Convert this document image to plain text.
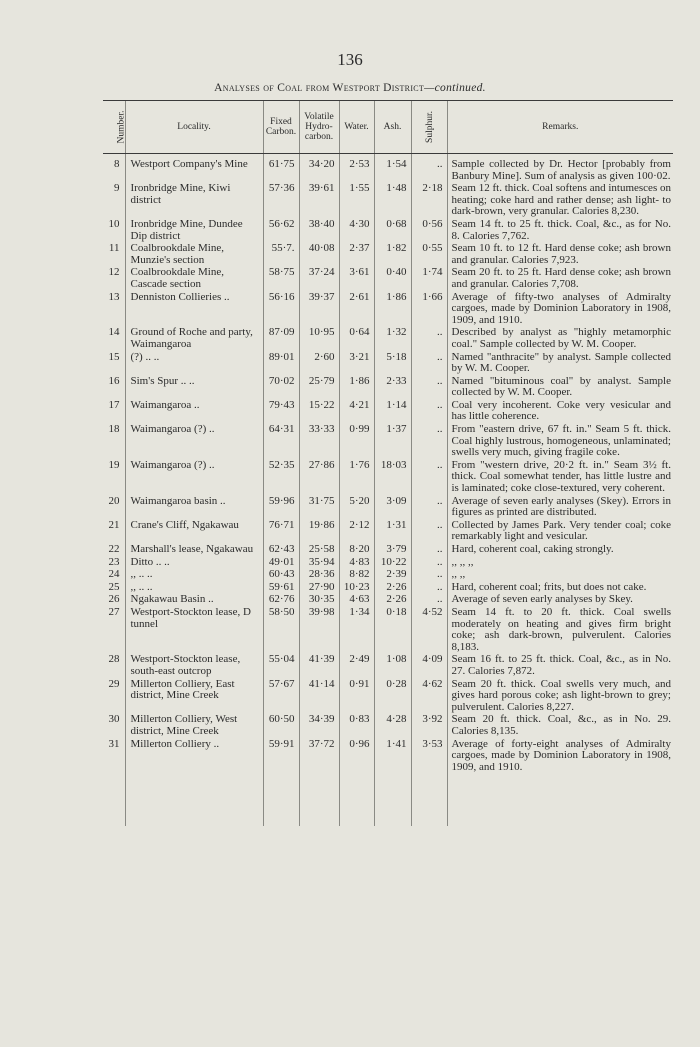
136
Analyses of Coal from Westport District—continued.
Number.	Locality.	Fixed Carbon.	Volatile Hydro-carbon.	Water.	Ash.	Sulphur.	Remarks.
8	Westport Company's Mine	61·75	34·20	2·53	1·54	..	Sample collected by Dr. Hector [probably from Banbury Mine]. Sum of analysis as given 100·02.
9	Ironbridge Mine, Kiwi district	57·36	39·61	1·55	1·48	2·18	Seam 12 ft. thick. Coal softens and intumesces on heating; coke hard and rather dense; ash light- to dark-brown, very granular. Calories 8,230.
10	Ironbridge Mine, Dundee Dip district	56·62	38·40	4·30	0·68	0·56	Seam 14 ft. to 25 ft. thick. Coal, &c., as for No. 8. Calories 7,762.
11	Coalbrookdale Mine, Munzie's section	55·7.	40·08	2·37	1·82	0·55	Seam 10 ft. to 12 ft. Hard dense coke; ash brown and granular. Calories 7,923.
12	Coalbrookdale Mine, Cascade section	58·75	37·24	3·61	0·40	1·74	Seam 20 ft. to 25 ft. Hard dense coke; ash brown and granular. Calories 7,708.
13	Denniston Collieries ..	56·16	39·37	2·61	1·86	1·66	Average of fifty-two analyses of Admiralty cargoes, made by Dominion Laboratory in 1908, 1909, and 1910.
14	Ground of Roche and party, Waimangaroa	87·09	10·95	0·64	1·32	..	Described by analyst as "highly metamorphic coal." Sample collected by W. M. Cooper.
15	(?) .. ..	89·01	2·60	3·21	5·18	..	Named "anthracite" by analyst. Sample collected by W. M. Cooper.
16	Sim's Spur .. ..	70·02	25·79	1·86	2·33	..	Named "bituminous coal" by analyst. Sample collected by W. M. Cooper.
17	Waimangaroa ..	79·43	15·22	4·21	1·14	..	Coal very incoherent. Coke very vesicular and has little coherence.
18	Waimangaroa (?) ..	64·31	33·33	0·99	1·37	..	From "eastern drive, 67 ft. in." Seam 5 ft. thick. Coal highly lustrous, homogeneous, unlaminated; swells very much, giving fragile coke.
19	Waimangaroa (?) ..	52·35	27·86	1·76	18·03	..	From "western drive, 20·2 ft. in." Seam 3½ ft. thick. Coal somewhat tender, has little lustre and is laminated; coke close-textured, very coherent.
20	Waimangaroa basin ..	59·96	31·75	5·20	3·09	..	Average of seven early analyses (Skey). Errors in figures as printed are distributed.
21	Crane's Cliff, Ngakawau	76·71	19·86	2·12	1·31	..	Collected by James Park. Very tender coal; coke remarkably light and vesicular.
22	Marshall's lease, Ngakawau	62·43	25·58	8·20	3·79	..	Hard, coherent coal, caking strongly.
23	Ditto .. ..	49·01	35·94	4·83	10·22	..	,, ,, ,,
24	,, .. ..	60·43	28·36	8·82	2·39	..	,, ,,
25	,, .. ..	59·61	27·90	10·23	2·26	..	Hard, coherent coal; frits, but does not cake.
26	Ngakawau Basin ..	62·76	30·35	4·63	2·26	..	Average of seven early analyses by Skey.
27	Westport-Stockton lease, D tunnel	58·50	39·98	1·34	0·18	4·52	Seam 14 ft. to 20 ft. thick. Coal swells moderately on heating and gives firm bright coke; ash dark-brown, pulverulent. Calories 8,183.
28	Westport-Stockton lease, south-east outcrop	55·04	41·39	2·49	1·08	4·09	Seam 16 ft. to 25 ft. thick. Coal, &c., as in No. 27. Calories 7,872.
29	Millerton Colliery, East district, Mine Creek	57·67	41·14	0·91	0·28	4·62	Seam 20 ft. thick. Coal swells very much, and gives hard porous coke; ash light-brown to grey; pulverulent. Calories 8,227.
30	Millerton Colliery, West district, Mine Creek	60·50	34·39	0·83	4·28	3·92	Seam 20 ft. thick. Coal, &c., as in No. 29. Calories 8,135.
31	Millerton Colliery ..	59·91	37·72	0·96	1·41	3·53	Average of forty-eight analyses of Admiralty cargoes, made by Dominion Laboratory in 1908, 1909, and 1910.
